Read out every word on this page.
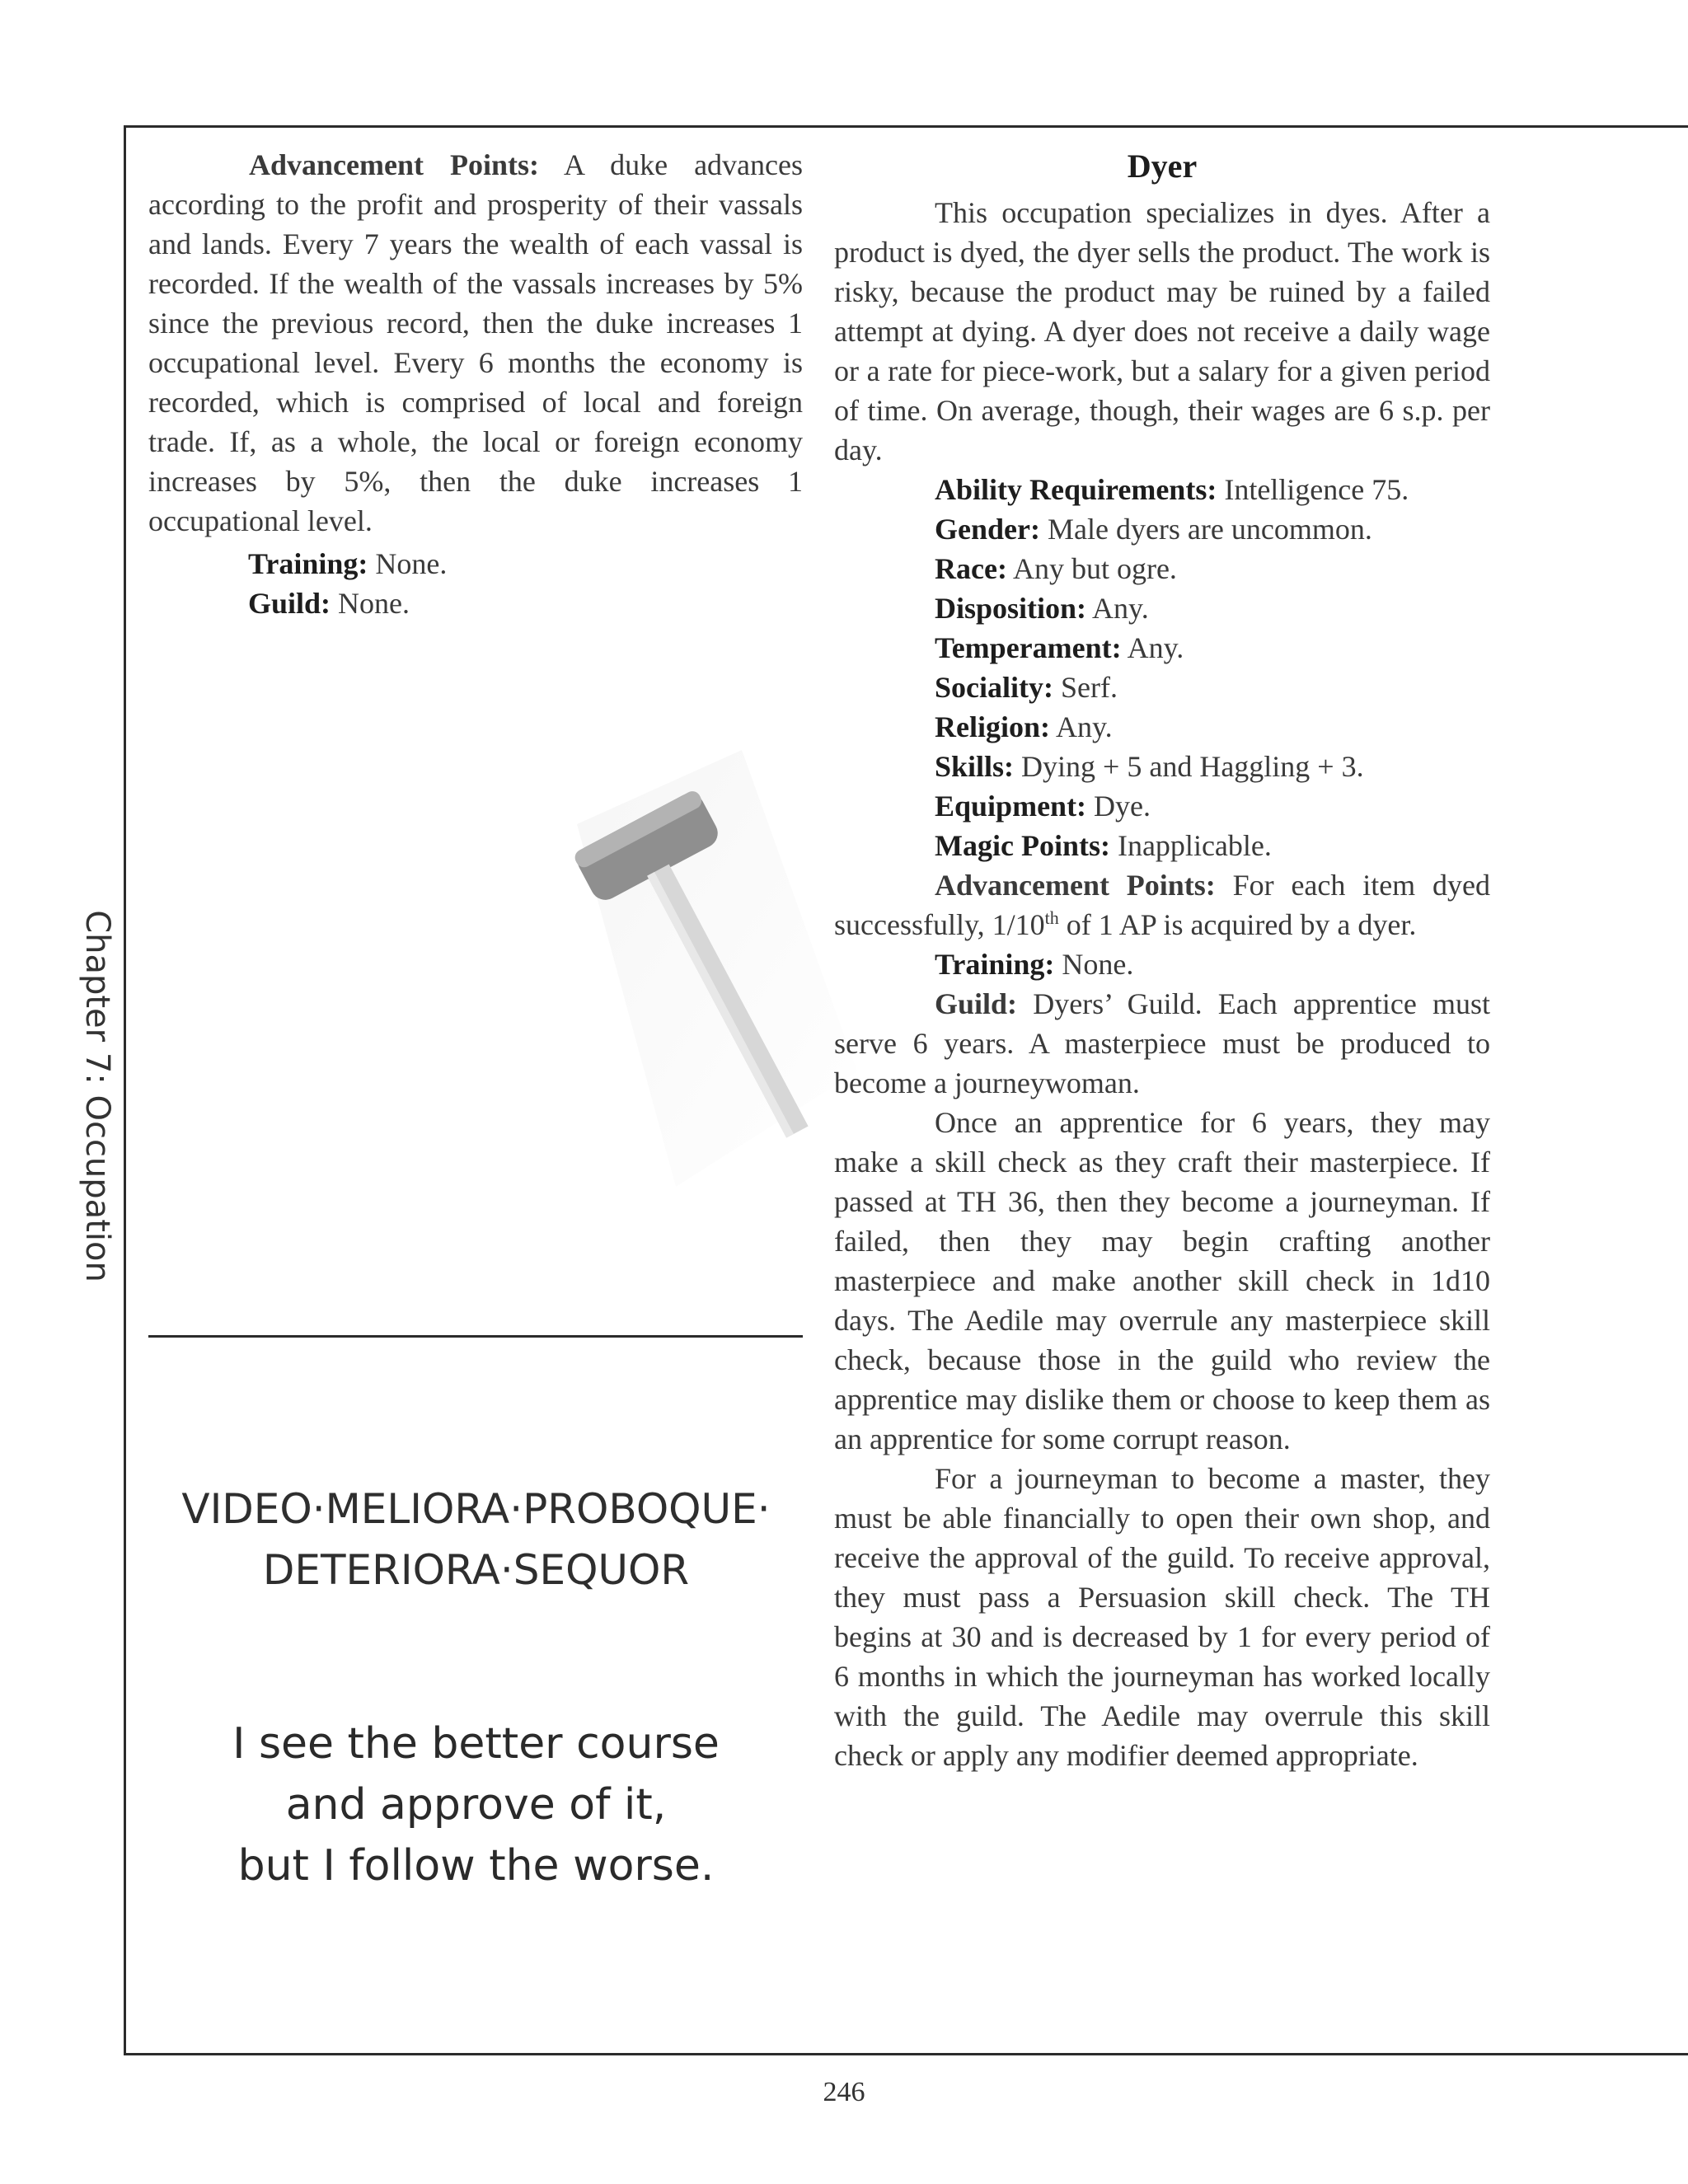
Chapter 7: Occupation

Advancement Points: A duke advances according to the profit and prosperity of their vassals and lands. Every 7 years the wealth of each vassal is recorded. If the wealth of the vassals increases by 5% since the previous record, then the duke increases 1 occupational level. Every 6 months the economy is recorded, which is comprised of local and foreign trade. If, as a whole, the local or foreign economy increases by 5%, then the duke increases 1 occupational level.

Training: None.

Guild: None.

VIDEO·MELIORA·PROBOQUE·

DETERIORA·SEQUOR

I see the better course

and approve of it,

but I follow the worse.

Dyer

This occupation specializes in dyes. After a product is dyed, the dyer sells the product. The work is risky, because the product may be ruined by a failed attempt at dying. A dyer does not receive a daily wage or a rate for piece-work, but a salary for a given period of time. On average, though, their wages are 6 s.p. per day.

Ability Requirements: Intelligence 75.

Gender: Male dyers are uncommon.

Race: Any but ogre.

Disposition: Any.

Temperament: Any.

Sociality: Serf.

Religion: Any.

Skills: Dying + 5 and Haggling + 3.

Equipment: Dye.

Magic Points: Inapplicable.

Advancement Points: For each item dyed successfully, 1/10th of 1 AP is acquired by a dyer.

Training: None.

Guild: Dyers’ Guild. Each apprentice must serve 6 years. A masterpiece must be produced to become a journeywoman.

Once an apprentice for 6 years, they may make a skill check as they craft their masterpiece. If passed at TH 36, then they become a journeyman. If failed, then they may begin crafting another masterpiece and make another skill check in 1d10 days. The Aedile may overrule any masterpiece skill check, because those in the guild who review the apprentice may dislike them or choose to keep them as an apprentice for some corrupt reason.

For a journeyman to become a master, they must be able financially to open their own shop, and receive the approval of the guild. To receive approval, they must pass a Persuasion skill check. The TH begins at 30 and is decreased by 1 for every period of 6 months in which the journeyman has worked locally with the guild. The Aedile may overrule this skill check or apply any modifier deemed appropriate.

246
